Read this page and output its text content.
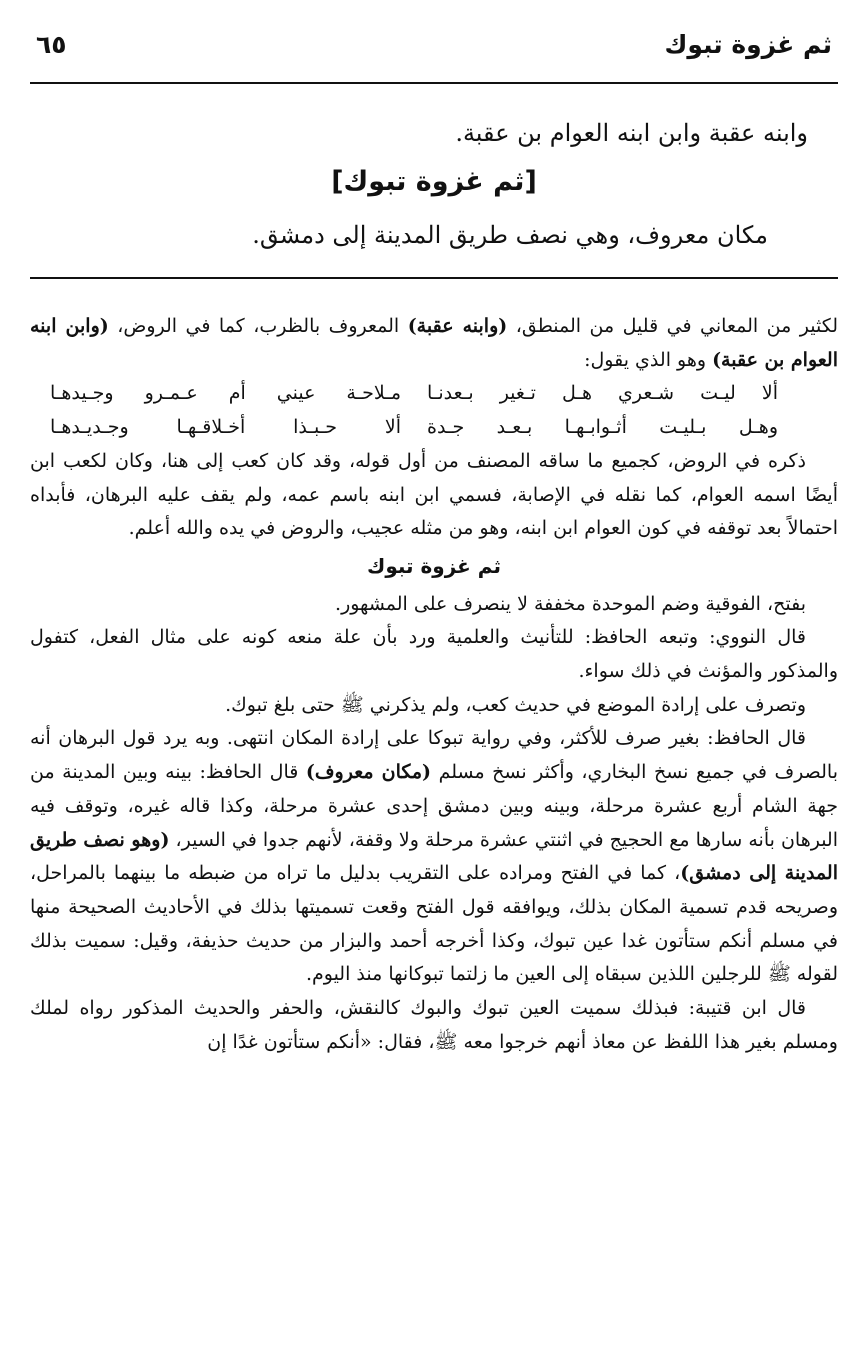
ثم غزوة تبوك
٦٥
وابنه عقبة وابن ابنه العوام بن عقبة.
[ثم غزوة تبوك]
مكان معروف، وهي نصف طريق المدينة إلى دمشق.

لكثير من المعاني في قليل من المنطق، (وابنه عقبة) المعروف بالظرب، كما في الروض، (وابن ابنه العوام بن عقبة) وهو الذي يقول:

ألا ليـت شـعري هـل تـغير بـعدنـا
مـلاحـة عيني أم عـمـرو وجـيدهـا
وهـل بـليـت أثـوابـهـا بـعـد جـدة
ألا حـبـذا أخـلاقـهـا وجـديـدهـا

ذكره في الروض، كجميع ما ساقه المصنف من أول قوله، وقد كان كعب إلى هنا، وكان لكعب ابن أيضًا اسمه العوام، كما نقله في الإصابة، فسمي ابن ابنه باسم عمه، ولم يقف عليه البرهان، فأبداه احتمالاً بعد توقفه في كون العوام ابن ابنه، وهو من مثله عجيب، والروض في يده والله أعلم.

ثم غزوة تبوك

بفتح، الفوقية وضم الموحدة مخففة لا ينصرف على المشهور.

قال النووي: وتبعه الحافظ: للتأنيث والعلمية ورد بأن علة منعه كونه على مثال الفعل، كتفول والمذكور والمؤنث في ذلك سواء.

وتصرف على إرادة الموضع في حديث كعب، ولم يذكرني ﷺ حتى بلغ تبوك.

قال الحافظ: بغير صرف للأكثر، وفي رواية تبوكا على إرادة المكان انتهى. وبه يرد قول البرهان أنه بالصرف في جميع نسخ البخاري، وأكثر نسخ مسلم (مكان معروف) قال الحافظ: بينه وبين المدينة من جهة الشام أربع عشرة مرحلة، وبينه وبين دمشق إحدى عشرة مرحلة، وكذا قاله غيره، وتوقف فيه البرهان بأنه سارها مع الحجيج في اثنتي عشرة مرحلة ولا وقفة، لأنهم جدوا في السير، (وهو نصف طريق المدينة إلى دمشق)، كما في الفتح ومراده على التقريب بدليل ما تراه من ضبطه ما بينهما بالمراحل، وصريحه قدم تسمية المكان بذلك، ويوافقه قول الفتح وقعت تسميتها بذلك في الأحاديث الصحيحة منها في مسلم أنكم ستأتون غدا عين تبوك، وكذا أخرجه أحمد والبزار من حديث حذيفة، وقيل: سميت بذلك لقوله ﷺ للرجلين اللذين سبقاه إلى العين ما زلتما تبوكانها منذ اليوم.

قال ابن قتيبة: فبذلك سميت العين تبوك والبوك كالنقش، والحفر والحديث المذكور رواه لملك ومسلم بغير هذا اللفظ عن معاذ أنهم خرجوا معه ﷺ، فقال: «أنكم ستأتون غدًا إن
